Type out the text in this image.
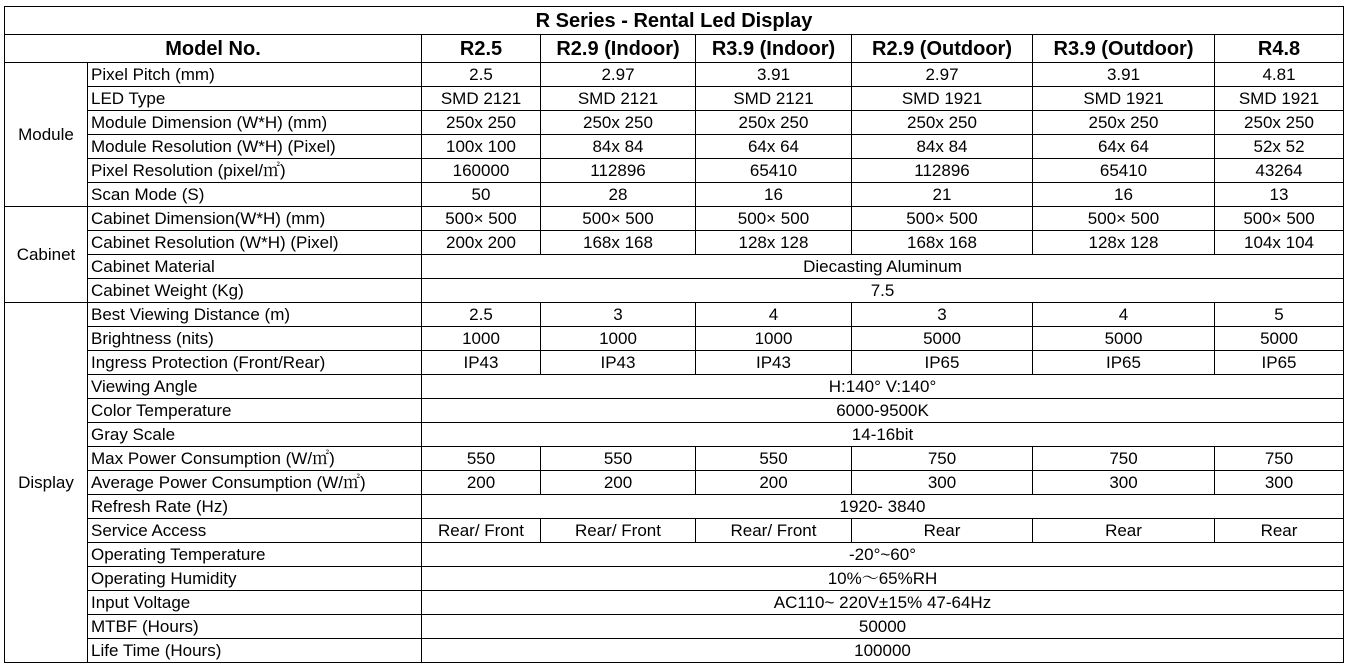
R Series - Rental Led Display							
Model No.		R2.5	R2.9 (Indoor)	R3.9 (Indoor)	R2.9 (Outdoor)	R3.9 (Outdoor)	R4.8
Module	Pixel Pitch (mm)	2.5	2.97	3.91	2.97	3.91	4.81
	LED Type	SMD 2121	SMD 2121	SMD 2121	SMD 1921	SMD 1921	SMD 1921
	Module Dimension (W*H) (mm)	250x 250	250x 250	250x 250	250x 250	250x 250	250x 250
	Module Resolution (W*H) (Pixel)	100x 100	84x 84	64x 64	84x 84	64x 64	52x 52
	Pixel Resolution (pixel/㎡)	160000	112896	65410	112896	65410	43264
	Scan Mode (S)	50	28	16	21	16	13
Cabinet	Cabinet Dimension(W*H) (mm)	500× 500	500× 500	500× 500	500× 500	500× 500	500× 500
	Cabinet Resolution (W*H) (Pixel)	200x 200	168x 168	128x 128	168x 168	128x 128	104x 104
	Cabinet Material	Diecasting Aluminum					
	Cabinet Weight (Kg)	7.5					
Display	Best Viewing Distance (m)	2.5	3	4	3	4	5
	Brightness (nits)	1000	1000	1000	5000	5000	5000
	Ingress Protection (Front/Rear)	IP43	IP43	IP43	IP65	IP65	IP65
	Viewing Angle	H:140° V:140°					
	Color Temperature	6000-9500K					
	Gray Scale	14-16bit					
	Max Power Consumption (W/㎡)	550	550	550	750	750	750
	Average Power Consumption (W/㎡)	200	200	200	300	300	300
	Refresh Rate (Hz)	1920- 3840					
	Service Access	Rear/ Front	Rear/ Front	Rear/ Front	Rear	Rear	Rear
	Operating Temperature	-20°~60°					
	Operating Humidity	10%～65%RH					
	Input Voltage	AC110~ 220V±15% 47-64Hz					
	MTBF (Hours)	50000					
	Life Time (Hours)	100000					
